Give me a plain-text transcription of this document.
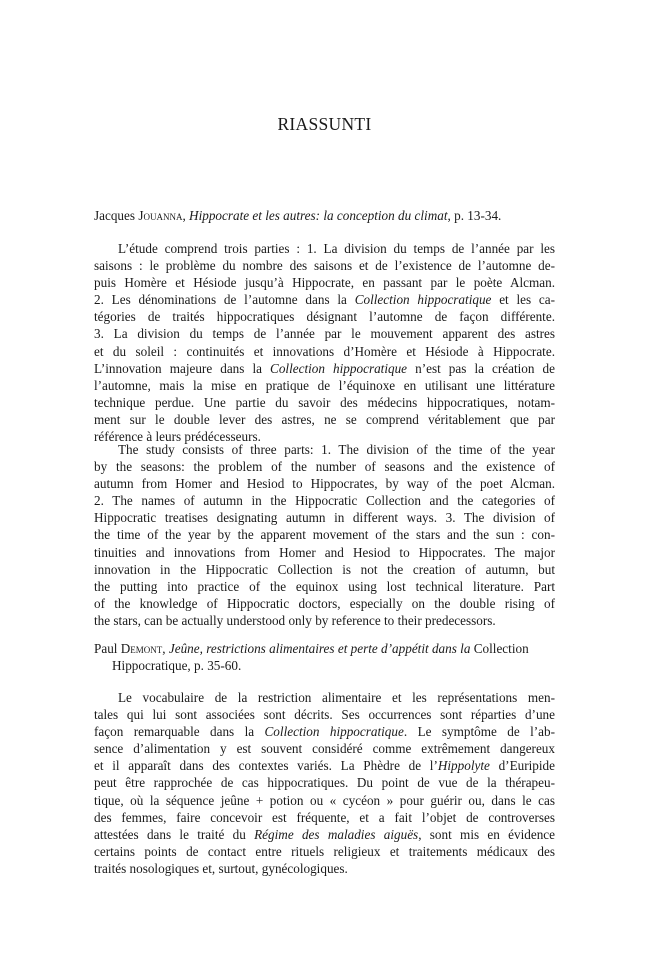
RIASSUNTI

Jacques Jouanna, Hippocrate et les autres: la conception du climat, p. 13-34.

L’étude comprend trois parties : 1. La division du temps de l’année par les
saisons : le problème du nombre des saisons et de l’existence de l’automne de-
puis Homère et Hésiode jusqu’à Hippocrate, en passant par le poète Alcman.
2. Les dénominations de l’automne dans la Collection hippocratique et les ca-
tégories de traités hippocratiques désignant l’automne de façon différente.
3. La division du temps de l’année par le mouvement apparent des astres
et du soleil : continuités et innovations d’Homère et Hésiode à Hippocrate.
L’innovation majeure dans la Collection hippocratique n’est pas la création de
l’automne, mais la mise en pratique de l’équinoxe en utilisant une littérature
technique perdue. Une partie du savoir des médecins hippocratiques, notam-
ment sur le double lever des astres, ne se comprend véritablement que par
référence à leurs prédécesseurs.
The study consists of three parts: 1. The division of the time of the year
by the seasons: the problem of the number of seasons and the existence of
autumn from Homer and Hesiod to Hippocrates, by way of the poet Alcman.
2. The names of autumn in the Hippocratic Collection and the categories of
Hippocratic treatises designating autumn in different ways. 3. The division of
the time of the year by the apparent movement of the stars and the sun : con-
tinuities and innovations from Homer and Hesiod to Hippocrates. The major
innovation in the Hippocratic Collection is not the creation of autumn, but
the putting into practice of the equinox using lost technical literature. Part
of the knowledge of Hippocratic doctors, especially on the double rising of
the stars, can be actually understood only by reference to their predecessors.

Paul Demont, Jeûne, restrictions alimentaires et perte d’appétit dans la Collection
Hippocratique, p. 35-60.

Le vocabulaire de la restriction alimentaire et les représentations men-
tales qui lui sont associées sont décrits. Ses occurrences sont réparties d’une
façon remarquable dans la Collection hippocratique. Le symptôme de l’ab-
sence d’alimentation y est souvent considéré comme extrêmement dangereux
et il apparaît dans des contextes variés. La Phèdre de l’Hippolyte d’Euripide
peut être rapprochée de cas hippocratiques. Du point de vue de la thérapeu-
tique, où la séquence jeûne + potion ou « cycéon » pour guérir ou, dans le cas
des femmes, faire concevoir est fréquente, et a fait l’objet de controverses
attestées dans le traité du Régime des maladies aiguës, sont mis en évidence
certains points de contact entre rituels religieux et traitements médicaux des
traités nosologiques et, surtout, gynécologiques.
